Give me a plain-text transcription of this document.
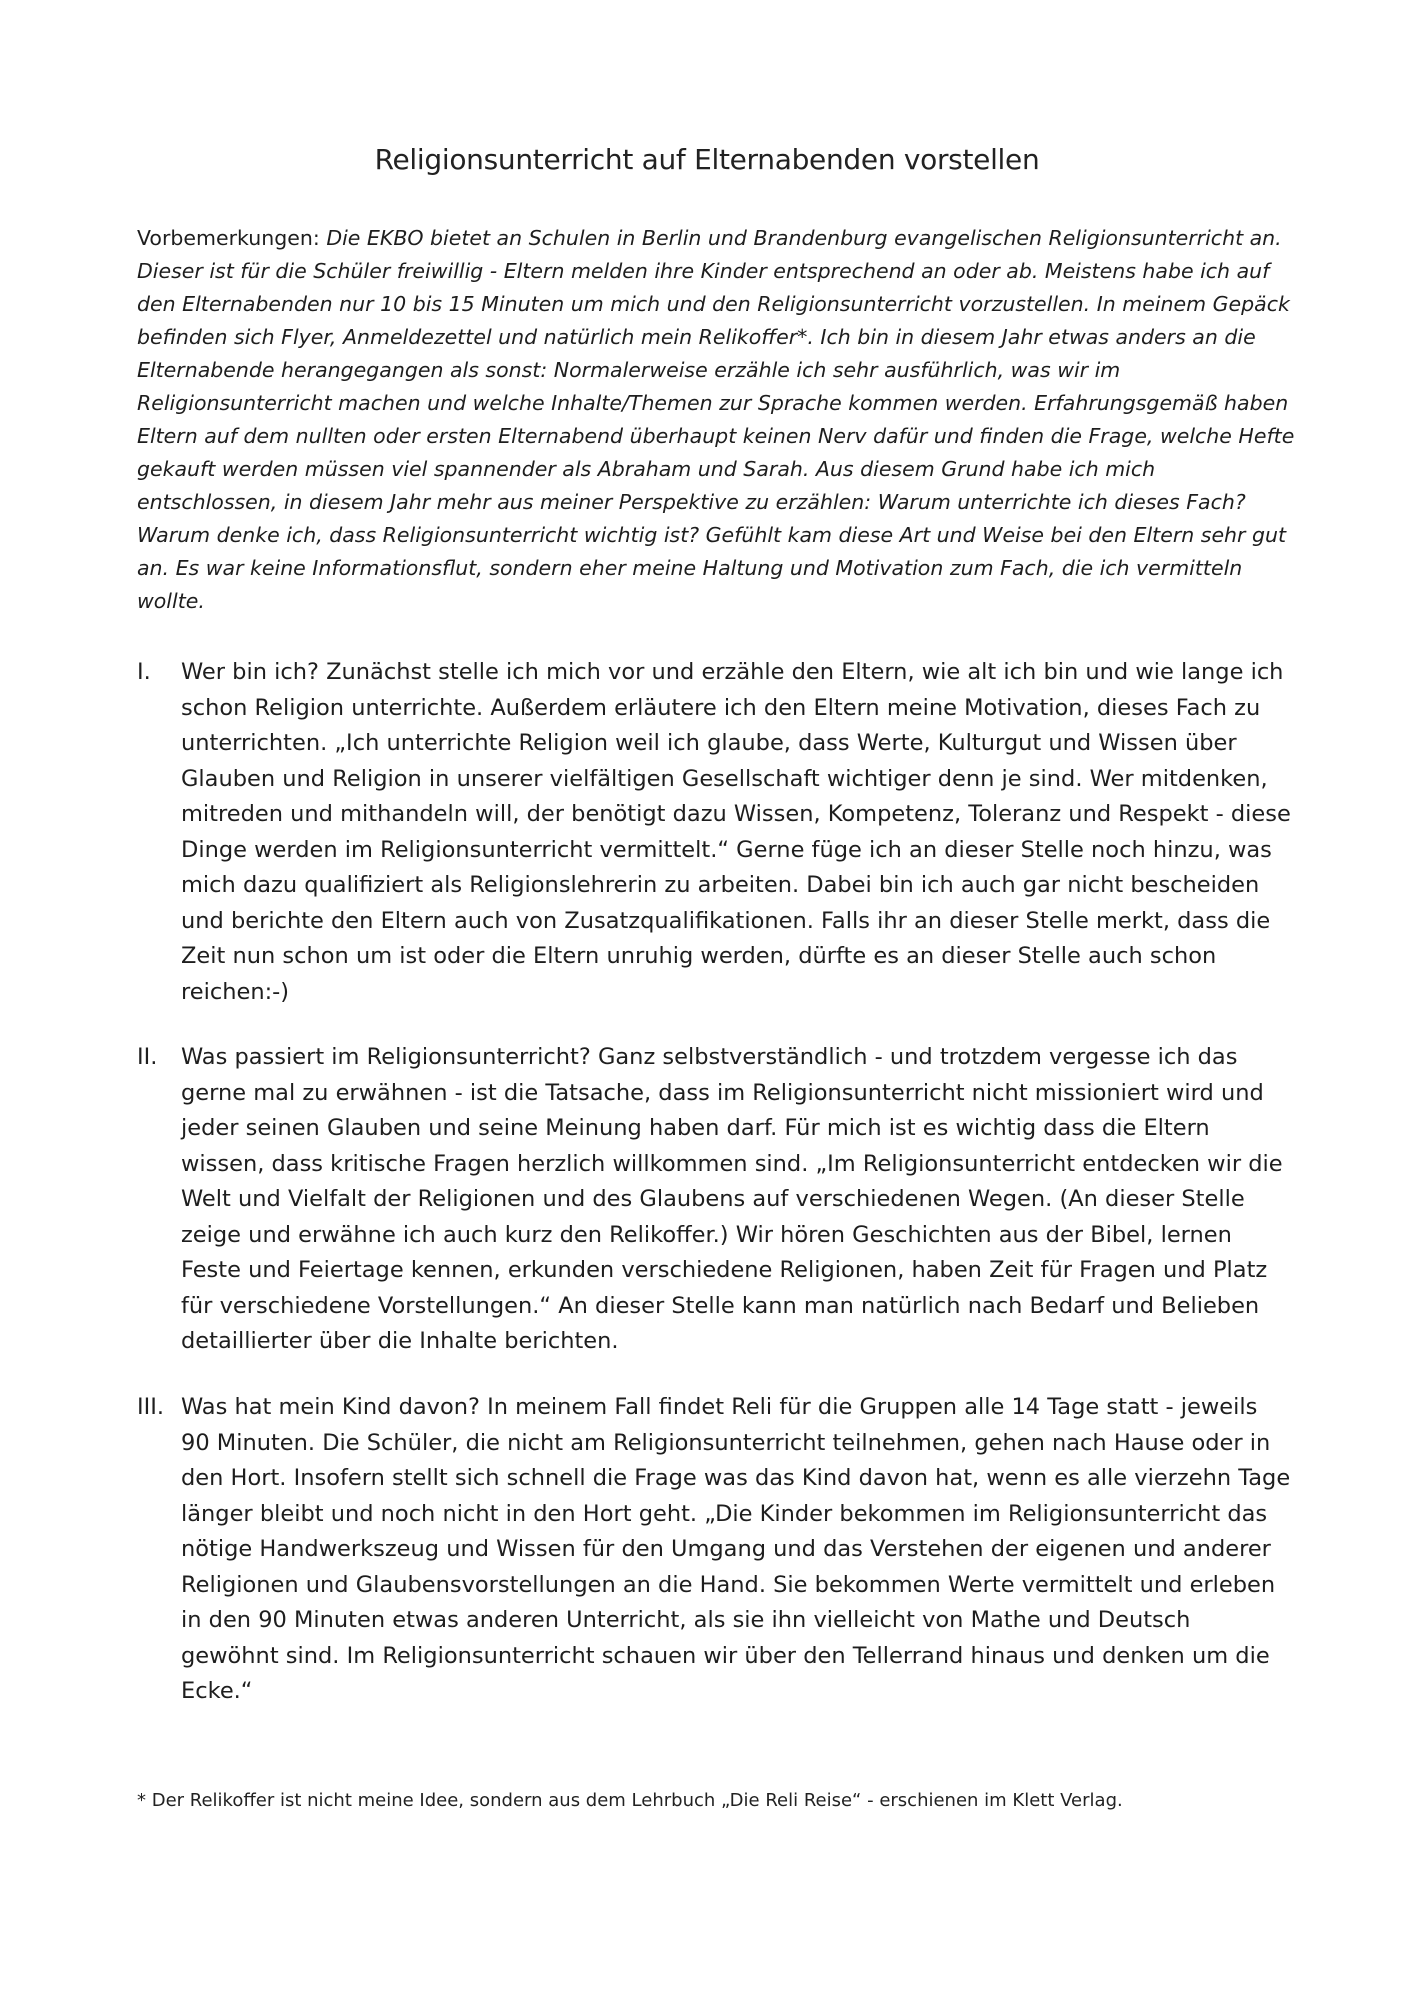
Religionsunterricht auf Elternabenden vorstellen
Vorbemerkungen: Die EKBO bietet an Schulen in Berlin und Brandenburg evangelischen Religionsunterricht an. Dieser ist für die Schüler freiwillig - Eltern melden ihre Kinder entsprechend an oder ab. Meistens habe ich auf den Elternabenden nur 10 bis 15 Minuten um mich und den Religionsunterricht vorzustellen. In meinem Gepäck befinden sich Flyer, Anmeldezettel und natürlich mein Relikoffer*. Ich bin in diesem Jahr etwas anders an die Elternabende herangegangen als sonst: Normalerweise erzähle ich sehr ausführlich, was wir im Religionsunterricht machen und welche Inhalte/Themen zur Sprache kommen werden. Erfahrungsgemäß haben Eltern auf dem nullten oder ersten Elternabend überhaupt keinen Nerv dafür und finden die Frage, welche Hefte gekauft werden müssen viel spannender als Abraham und Sarah. Aus diesem Grund habe ich mich entschlossen, in diesem Jahr mehr aus meiner Perspektive zu erzählen: Warum unterrichte ich dieses Fach? Warum denke ich, dass Religionsunterricht wichtig ist? Gefühlt kam diese Art und Weise bei den Eltern sehr gut an. Es war keine Informationsflut, sondern eher meine Haltung und Motivation zum Fach, die ich vermitteln wollte.
I.	Wer bin ich? Zunächst stelle ich mich vor und erzähle den Eltern, wie alt ich bin und wie lange ich schon Religion unterrichte. Außerdem erläutere ich den Eltern meine Motivation, dieses Fach zu unterrichten. „Ich unterrichte Religion weil ich glaube, dass Werte, Kulturgut und Wissen über Glauben und Religion in unserer vielfältigen Gesellschaft wichtiger denn je sind. Wer mitdenken, mitreden und mithandeln will, der benötigt dazu Wissen, Kompetenz, Toleranz und Respekt - diese Dinge werden im Religionsunterricht vermittelt.“ Gerne füge ich an dieser Stelle noch hinzu, was mich dazu qualifiziert als Religionslehrerin zu arbeiten. Dabei bin ich auch gar nicht bescheiden und berichte den Eltern auch von Zusatzqualifikationen. Falls ihr an dieser Stelle merkt, dass die Zeit nun schon um ist oder die Eltern unruhig werden, dürfte es an dieser Stelle auch schon reichen:-)
II.	Was passiert im Religionsunterricht? Ganz selbstverständlich - und trotzdem vergesse ich das gerne mal zu erwähnen - ist die Tatsache, dass im Religionsunterricht nicht missioniert wird und jeder seinen Glauben und seine Meinung haben darf. Für mich ist es wichtig dass die Eltern wissen, dass kritische Fragen herzlich willkommen sind. „Im Religionsunterricht entdecken wir die Welt und Vielfalt der Religionen und des Glaubens auf verschiedenen Wegen. (An dieser Stelle zeige und erwähne ich auch kurz den Relikoffer.) Wir hören Geschichten aus der Bibel, lernen Feste und Feiertage kennen, erkunden verschiedene Religionen, haben Zeit für Fragen und Platz für verschiedene Vorstellungen.“ An dieser Stelle kann man natürlich nach Bedarf und Belieben detaillierter über die Inhalte berichten.
III. Was hat mein Kind davon? In meinem Fall findet Reli für die Gruppen alle 14 Tage statt - jeweils 90 Minuten. Die Schüler, die nicht am Religionsunterricht teilnehmen, gehen nach Hause oder in den Hort. Insofern stellt sich schnell die Frage was das Kind davon hat, wenn es alle vierzehn Tage länger bleibt und noch nicht in den Hort geht. „Die Kinder bekommen im Religionsunterricht das nötige Handwerkszeug und Wissen für den Umgang und das Verstehen der eigenen und anderer Religionen und Glaubensvorstellungen an die Hand. Sie bekommen Werte vermittelt und erleben in den 90 Minuten etwas anderen Unterricht, als sie ihn vielleicht von Mathe und Deutsch gewöhnt sind. Im Religionsunterricht schauen wir über den Tellerrand hinaus und denken um die Ecke.“
* Der Relikoffer ist nicht meine Idee, sondern aus dem Lehrbuch „Die Reli Reise“ - erschienen im Klett Verlag.
